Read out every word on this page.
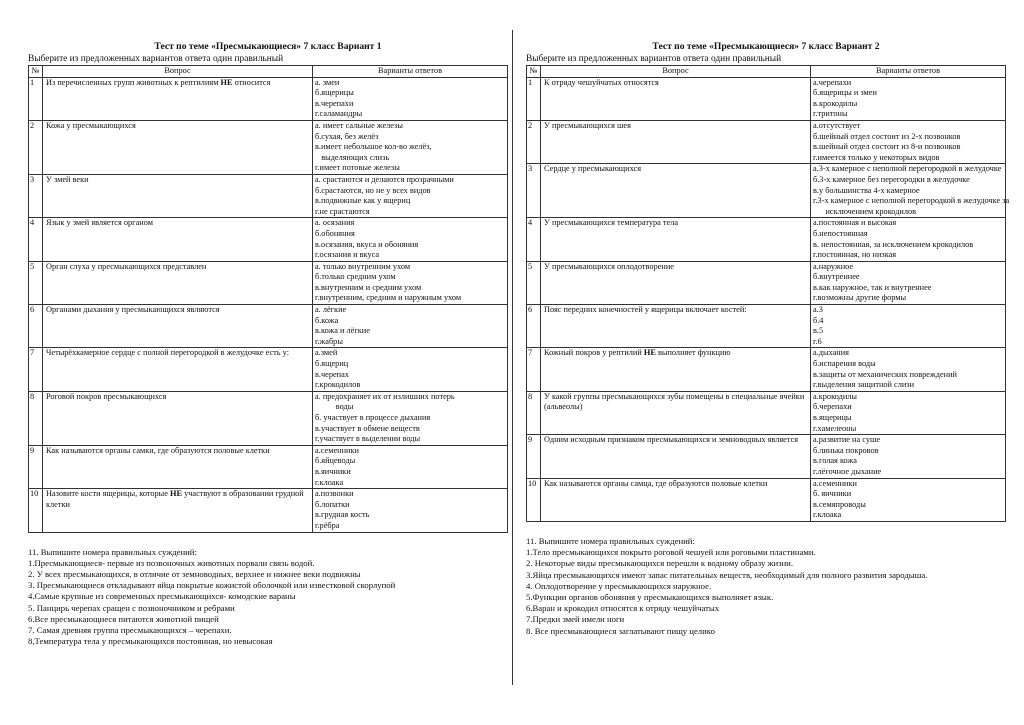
Тест по теме «Пресмыкающиеся» 7 класс Вариант 1
Выберите из предложенных вариантов ответа один правильный
№	Вопрос	Варианты ответов
1	Из перечисленных групп животных к рептилиям НЕ относится	а. змеи
б.ящерицы
в.черепахи
г.саламандры

2	Кожа у пресмыкающихся	а. имеет сальные железы
б.сухая, без желёз
в.имеет небольшое кол-во желёз,
выделяющих слизь
г.имеет потовые железы

3	У змей веки	а. срастаются и делаются прозрачными
б.срастаются, но не у всех видов
в.подвижные как у ящериц
г.не срастаются

4	Язык у змей является органом	а. осязания
б.обоняния
в.осязания, вкуса и обоняния
г.осязания и вкуса

5	Орган слуха у пресмыкающихся представлен	а. только внутренним ухом
б.только средним ухом
в.внутренним и средним ухом
г.внутренним, средним и наружным ухом

6	Органами дыхания у пресмыкающихся являются	а. лёгкие
б.кожа
в.кожа и лёгкие
г.жабры

7	Четырёхкамерное сердце с полной перегородкой в желудочке есть у:	а.змей
б.ящериц
в.черепах
г.крокодилов

8	Роговой покров пресмыкающихся	а. предохраняет их от излишних потерь
воды
б. участвует в процессе дыхания
в.участвует в обмене веществ
г.участвует в выделении воды

9	Как называются органы самки, где образуются половые клетки	а.семенники
б.яйцеводы
в.яичники
г.клоака

10	Назовите кости ящерицы, которые НЕ участвуют в образовании грудной клетки	а.позвонки
б.лопатки
в.грудная кость
г.рёбра
11. Выпишите номера правильных суждений:
1.Пресмыкающиеся- первые из позвоночных животных порвали связь водой.
2. У всех пресмыкающихся, в отличие от земноводных, верхнее и нижнее веки подвижны
3. Пресмыкающиеся откладывают яйца покрытые кожистой оболочкой или известковой скорлупой
4.Самые крупные из современных пресмыкающихся- комодские вараны
5. Панцирь черепах сращен с позвоночником и ребрами
6.Все пресмыкающиеся питаются животной пищей
7. Самая древняя группа пресмыкающихся – черепахи.
8,Температура тела у пресмыкающихся постоянная, но невысокая
Тест по теме «Пресмыкающиеся» 7 класс Вариант 2
Выберите из предложенных вариантов ответа один правильный
№	Вопрос	Варианты ответов
1	К отряду чешуйчатых относятся	а.черепахи
б.ящерицы и змеи
в.крокодилы
г.тритоны

2	У пресмыкающихся шея	а.отсутствует
б.шейный отдел состоит из 2-х позвонков
в.шейный отдел состоит из 8-и позвонков
г.имеется только у некоторых видов

3	Сердце у пресмыкающихся	а.3-х камерное с неполной перегородкой в желудочке
б.3-х камерное без перегородки в желудочке
в.у большинства 4-х камерное
г.3-х камерное с неполной перегородкой в желудочке за
исключением крокодилов

4	У пресмыкающихся температура тела	а.постоянная и высокая
б.непостоянная
в. непостоянная, за исключением крокодилов
г.постоянная, но низкая

5	У пресмыкающихся оплодотворение	а.наружное
б.внутреннее
в.как наружное, так и внутреннее
г.возможны другие формы

6	Пояс передних конечностей у ящерицы включает костей:	а.3
б.4
в.5
г.6

7	Кожный покров у рептилий НЕ выполняет функцию	а.дыхания
б.испарения воды
в.защиты от механических повреждений
г.выделения защитной слизи

8	У какой группы пресмыкающихся зубы помещены в специальные ячейки (альвеолы)	а.крокодилы
б.черепахи
в.ящерицы
г.хамелеоны

9	Одним исходным признаком пресмыкающихся и земноводных является	а.развитие на суше
б.линька покровов
в.голая кожа
г.лёгочное дыхание

10	Как называются органы самца, где образуются половые клетки	а.семенники
б. яичники
в.семяпроводы
г.клоака
11. Выпишите номера правильных суждений:
1.Тело пресмыкающихся покрыто роговой чешуей или роговыми пластинами.
2. Некоторые виды пресмыкающихся перешли к водному образу жизни.
3.Яйца пресмыкающихся имеют запас питательных веществ, необходимый для полного развития зародыша.
4. Оплодотворение у пресмыкающихся наружное.
5.Функции органов обоняния у пресмыкающихся выполняет язык.
6.Варан и крокодил относятся к отряду чешуйчатых
7.Предки змей имели ноги
8. Все пресмыкающиеся заглатывают пищу целико
